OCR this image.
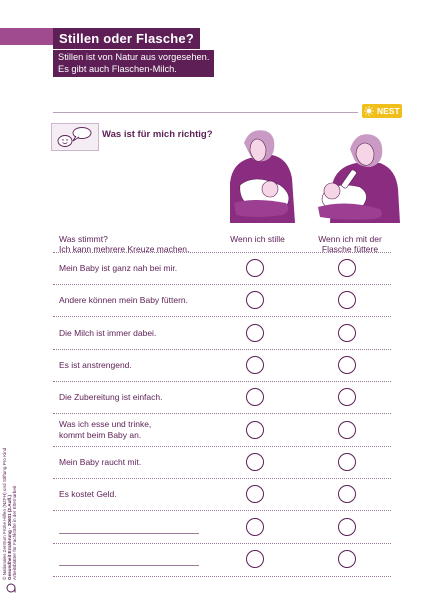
Stillen oder Flasche?
Stillen ist von Natur aus vorgesehen.
Es gibt auch Flaschen-Milch.
NEST
Was ist für mich richtig?
Was stimmt?
Ich kann mehrere Kreuze machen.
Wenn ich stille	Wenn ich mit der
Flasche füttere
Mein Baby ist ganz nah bei mir.
Andere können mein Baby füttern.
Die Milch ist immer dabei.
Es ist anstrengend.
Die Zubereitung ist einfach.
Was ich esse und trinke,
kommt beim Baby an.
Mein Baby raucht mit.
Es kostet Geld.
© Nationales Zentrum Frühe Hilfen (NZFH) und Stiftung Pro Kind Gesundheit Ernährung · 20601 (2.Aufl.) Arbeitsblätter für Fachkräfte in der Elternarbeit
